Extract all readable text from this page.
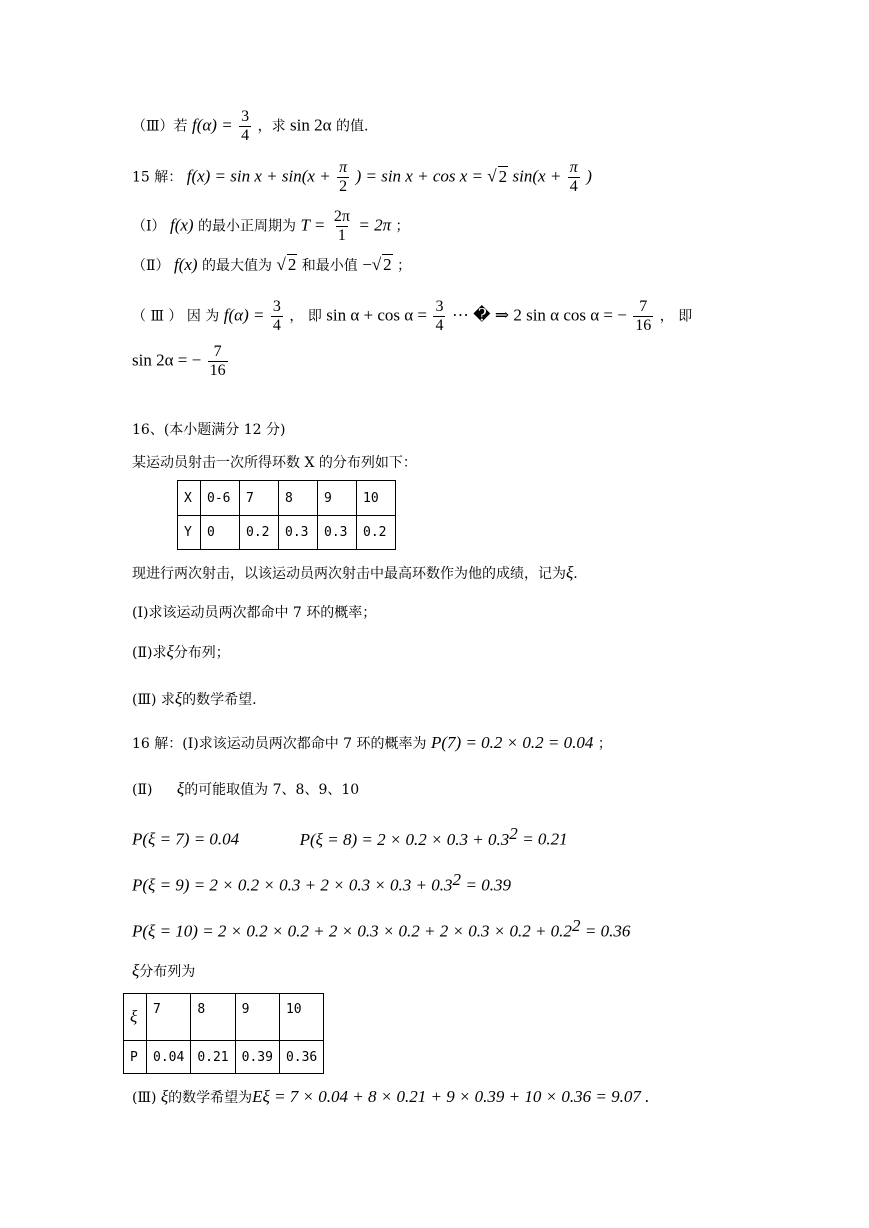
（Ⅲ）若 $f(\alpha) = \frac{3}{4}$ ，求 sin 2α 的值.
15 解： $f(x) = \sin x + \sin(x + \frac{\pi}{2}$ ) = sin x + cos x = √ 2 $\sin(x + \frac{\pi}{4}$ )
（Ⅰ） f(x) 的最小正周期为 $T = \frac{2\pi}{1} = 2\pi$ ；
（Ⅱ） f(x) 的最大值为 √ 2 和最小值 −√ 2 ；
（ Ⅲ ） 因 为 $f(\alpha) = \frac{3}{4}$ ， 即 $\sin \alpha + \cos \alpha = \frac{3}{4}$ ··· � ⇒ 2 sin α cos α = − $\frac{7}{16}$ ， 即
sin 2α = − $\frac{7}{16}$
16、(本小题满分 12 分)
某运动员射击一次所得环数 X 的分布列如下：
X	0-6	7	8	9	10
Y	0	0.2	0.3	0.3	0.2
现进行两次射击，以该运动员两次射击中最高环数作为他的成绩，记为ξ.
(Ⅰ)求该运动员两次都命中 7 环的概率；
(Ⅱ)求ξ分布列；
(Ⅲ) 求ξ的数学希望.
16 解：(Ⅰ)求该运动员两次都命中 7 环的概率为 P(7) = 0.2 × 0.2 = 0.04 ；
(Ⅱ) ξ的可能取值为 7、8、9、10
P(ξ = 7) = 0.04	$P(\xi = 8) = 2 \times 0.2 \times 0.3 + 0.3^2 = 0.21$
$P(\xi = 9) = 2 \times 0.2 \times 0.3 + 2 \times 0.3 \times 0.3 + 0.3^2 = 0.39$
$P(\xi = 10) = 2 \times 0.2 \times 0.2 + 2 \times 0.3 \times 0.2 + 2 \times 0.3 \times 0.2 + 0.2^2 = 0.36$
ξ分布列为
ξ	7	8	9	10
P	0.04	0.21	0.39	0.36
(Ⅲ) ξ的数学希望为Eξ = 7 × 0.04 + 8 × 0.21 + 9 × 0.39 + 10 × 0.36 = 9.07 .
